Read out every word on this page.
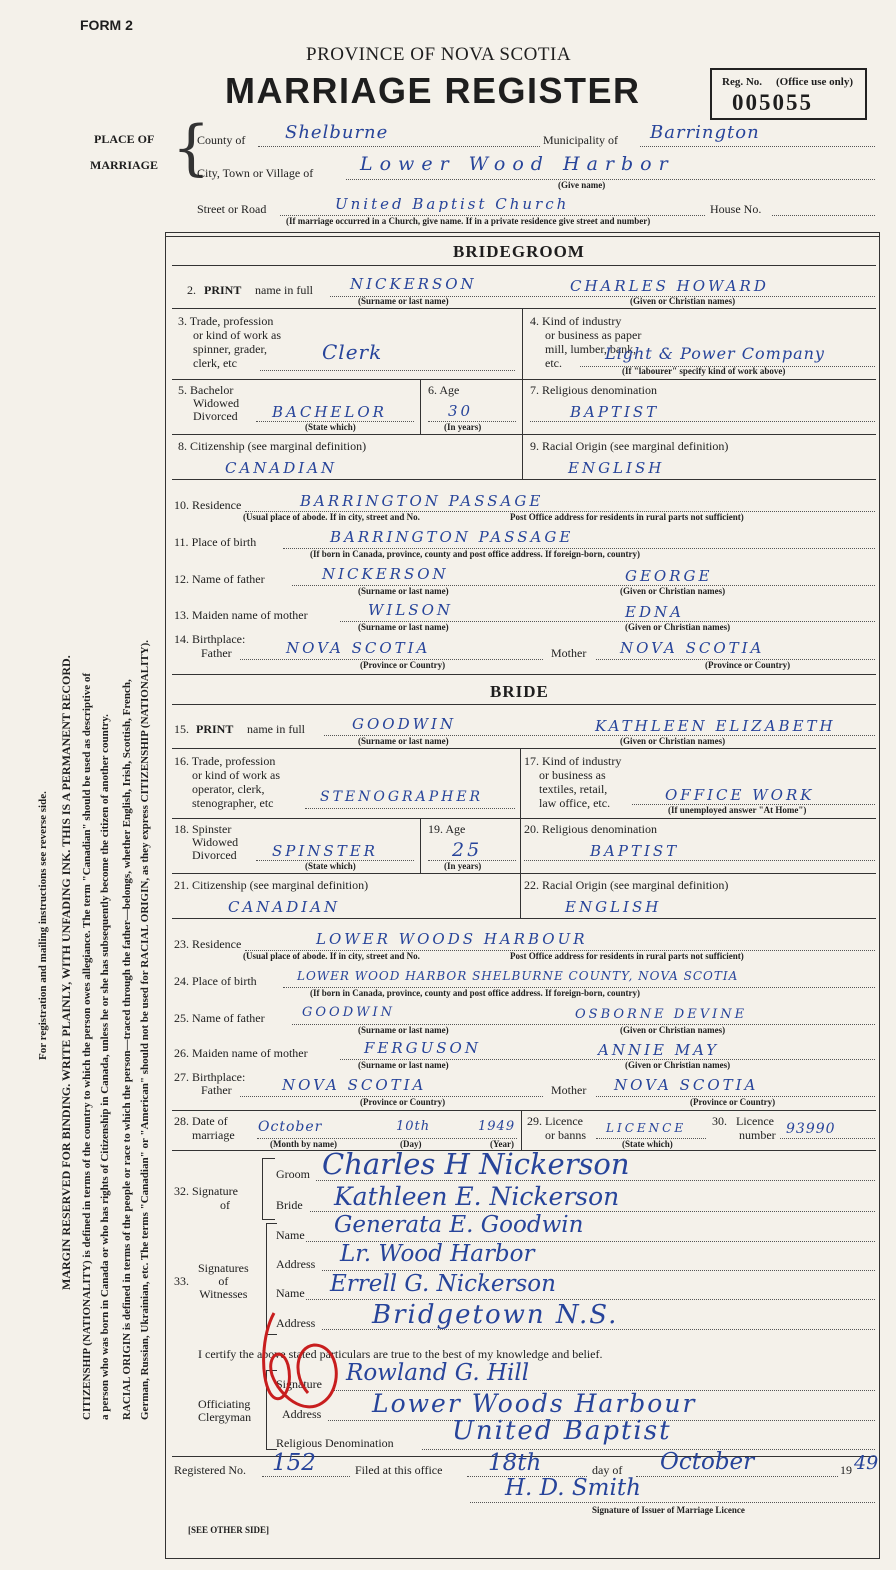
FORM 2
PROVINCE OF NOVA SCOTIA
MARRIAGE REGISTER	Reg. No. (Office use only)
005055
PLACE OF
MARRIAGE {
County of Shelburne	Municipality of Barrington
City, Town or Village of Lower Wood Harbor
(Give name)
Street or Road	United Baptist Church	House No.
(If marriage occurred in a Church, give name. If in a private residence give street and number)
For registration and mailing instructions see reverse side. MARGIN RESERVED FOR BINDING. WRITE PLAINLY, WITH UNFADING INK. THIS IS A PERMANENT RECORD. CITIZENSHIP (NATIONALITY) is defined in terms of the country to which the person owes allegiance. The term "Canadian" should be used as descriptive of a person who was born in Canada or who has rights of Citizenship in Canada, unless he or she has subsequently become the citizen of another country. RACIAL ORIGIN is defined in terms of the people or race to which the person—traced through the father—belongs, whether English, Irish, Scottish, French, German, Russian, Ukrainian, etc. The terms "Canadian" or "American" should not be used for RACIAL ORIGIN, as they express CITIZENSHIP (NATIONALITY).
BRIDEGROOM
2. PRINT name in full NICKERSON	CHARLES HOWARD
(Surname or last name)	(Given or Christian names)
3. Trade, profession
or kind of work as
spinner, grader,
clerk, etc	Clerk
4. Kind of industry
or business as paper
mill, lumber, bank,
etc.	Light & Power Company
(If "labourer" specify kind of work above)
5. Bachelor
Widowed
Divorced BACHELOR
(State which)
6. Age
30
(In years)
7. Religious denomination
BAPTIST
8. Citizenship (see marginal definition)
CANADIAN
9. Racial Origin (see marginal definition)
ENGLISH
10. Residence	BARRINGTON PASSAGE
(Usual place of abode. If in city, street and No.	Post Office address for residents in rural parts not sufficient)
11. Place of birth	BARRINGTON PASSAGE
(If born in Canada, province, county and post office address. If foreign-born, country)
12. Name of father	NICKERSON	GEORGE
(Surname or last name)	(Given or Christian names)
13. Maiden name of mother	WILSON	EDNA
(Surname or last name)	(Given or Christian names)
14. Birthplace:
Father	NOVA SCOTIA	Mother NOVA SCOTIA
(Province or Country)	(Province or Country)
BRIDE
15. PRINT name in full	GOODWIN	KATHLEEN ELIZABETH
(Surname or last name)	(Given or Christian names)
16. Trade, profession
or kind of work as
operator, clerk,
stenographer, etc	STENOGRAPHER
17. Kind of industry
or business as
textiles, retail,
law office, etc.	OFFICE WORK
(If unemployed answer "At Home")
18. Spinster
Widowed
Divorced SPINSTER
(State which)
19. Age
25
(In years)
20. Religious denomination
BAPTIST
21. Citizenship (see marginal definition)
CANADIAN
22. Racial Origin (see marginal definition)
ENGLISH
23. Residence	LOWER WOODS HARBOUR
(Usual place of abode. If in city, street and No.	Post Office address for residents in rural parts not sufficient)
24. Place of birth	LOWER WOOD HARBOR SHELBURNE COUNTY, NOVA SCOTIA
(If born in Canada, province, county and post office address. If foreign-born, country)
25. Name of father	GOODWIN	OSBORNE DEVINE
(Surname or last name)	(Given or Christian names)
26. Maiden name of mother	FERGUSON	ANNIE MAY
(Surname or last name)	(Given or Christian names)
27. Birthplace:
Father	NOVA SCOTIA	Mother NOVA SCOTIA
(Province or Country)	(Province or Country)
28. Date of
marriage October	10th	1949
(Month by name)	(Day)	(Year)
29. Licence
or banns LICENCE
(State which)
30. Licence
number 93990
32. Signature
of
Groom Charles H Nickerson
Bride Kathleen E. Nickerson
Signatures
of
Witnesses
33.
Name Generata E. Goodwin
Address Lr. Wood Harbor
Name Errell G. Nickerson
Address Bridgetown N.S.
I certify the above stated particulars are true to the best of my knowledge and belief.
Officiating
Clergyman
Signature Rowland G. Hill
Address Lower Woods Harbour
Religious Denomination United Baptist
Registered No. 152	Filed at this office 18th	day of October	19 49
H. D. Smith
Signature of Issuer of Marriage Licence
[SEE OTHER SIDE]
